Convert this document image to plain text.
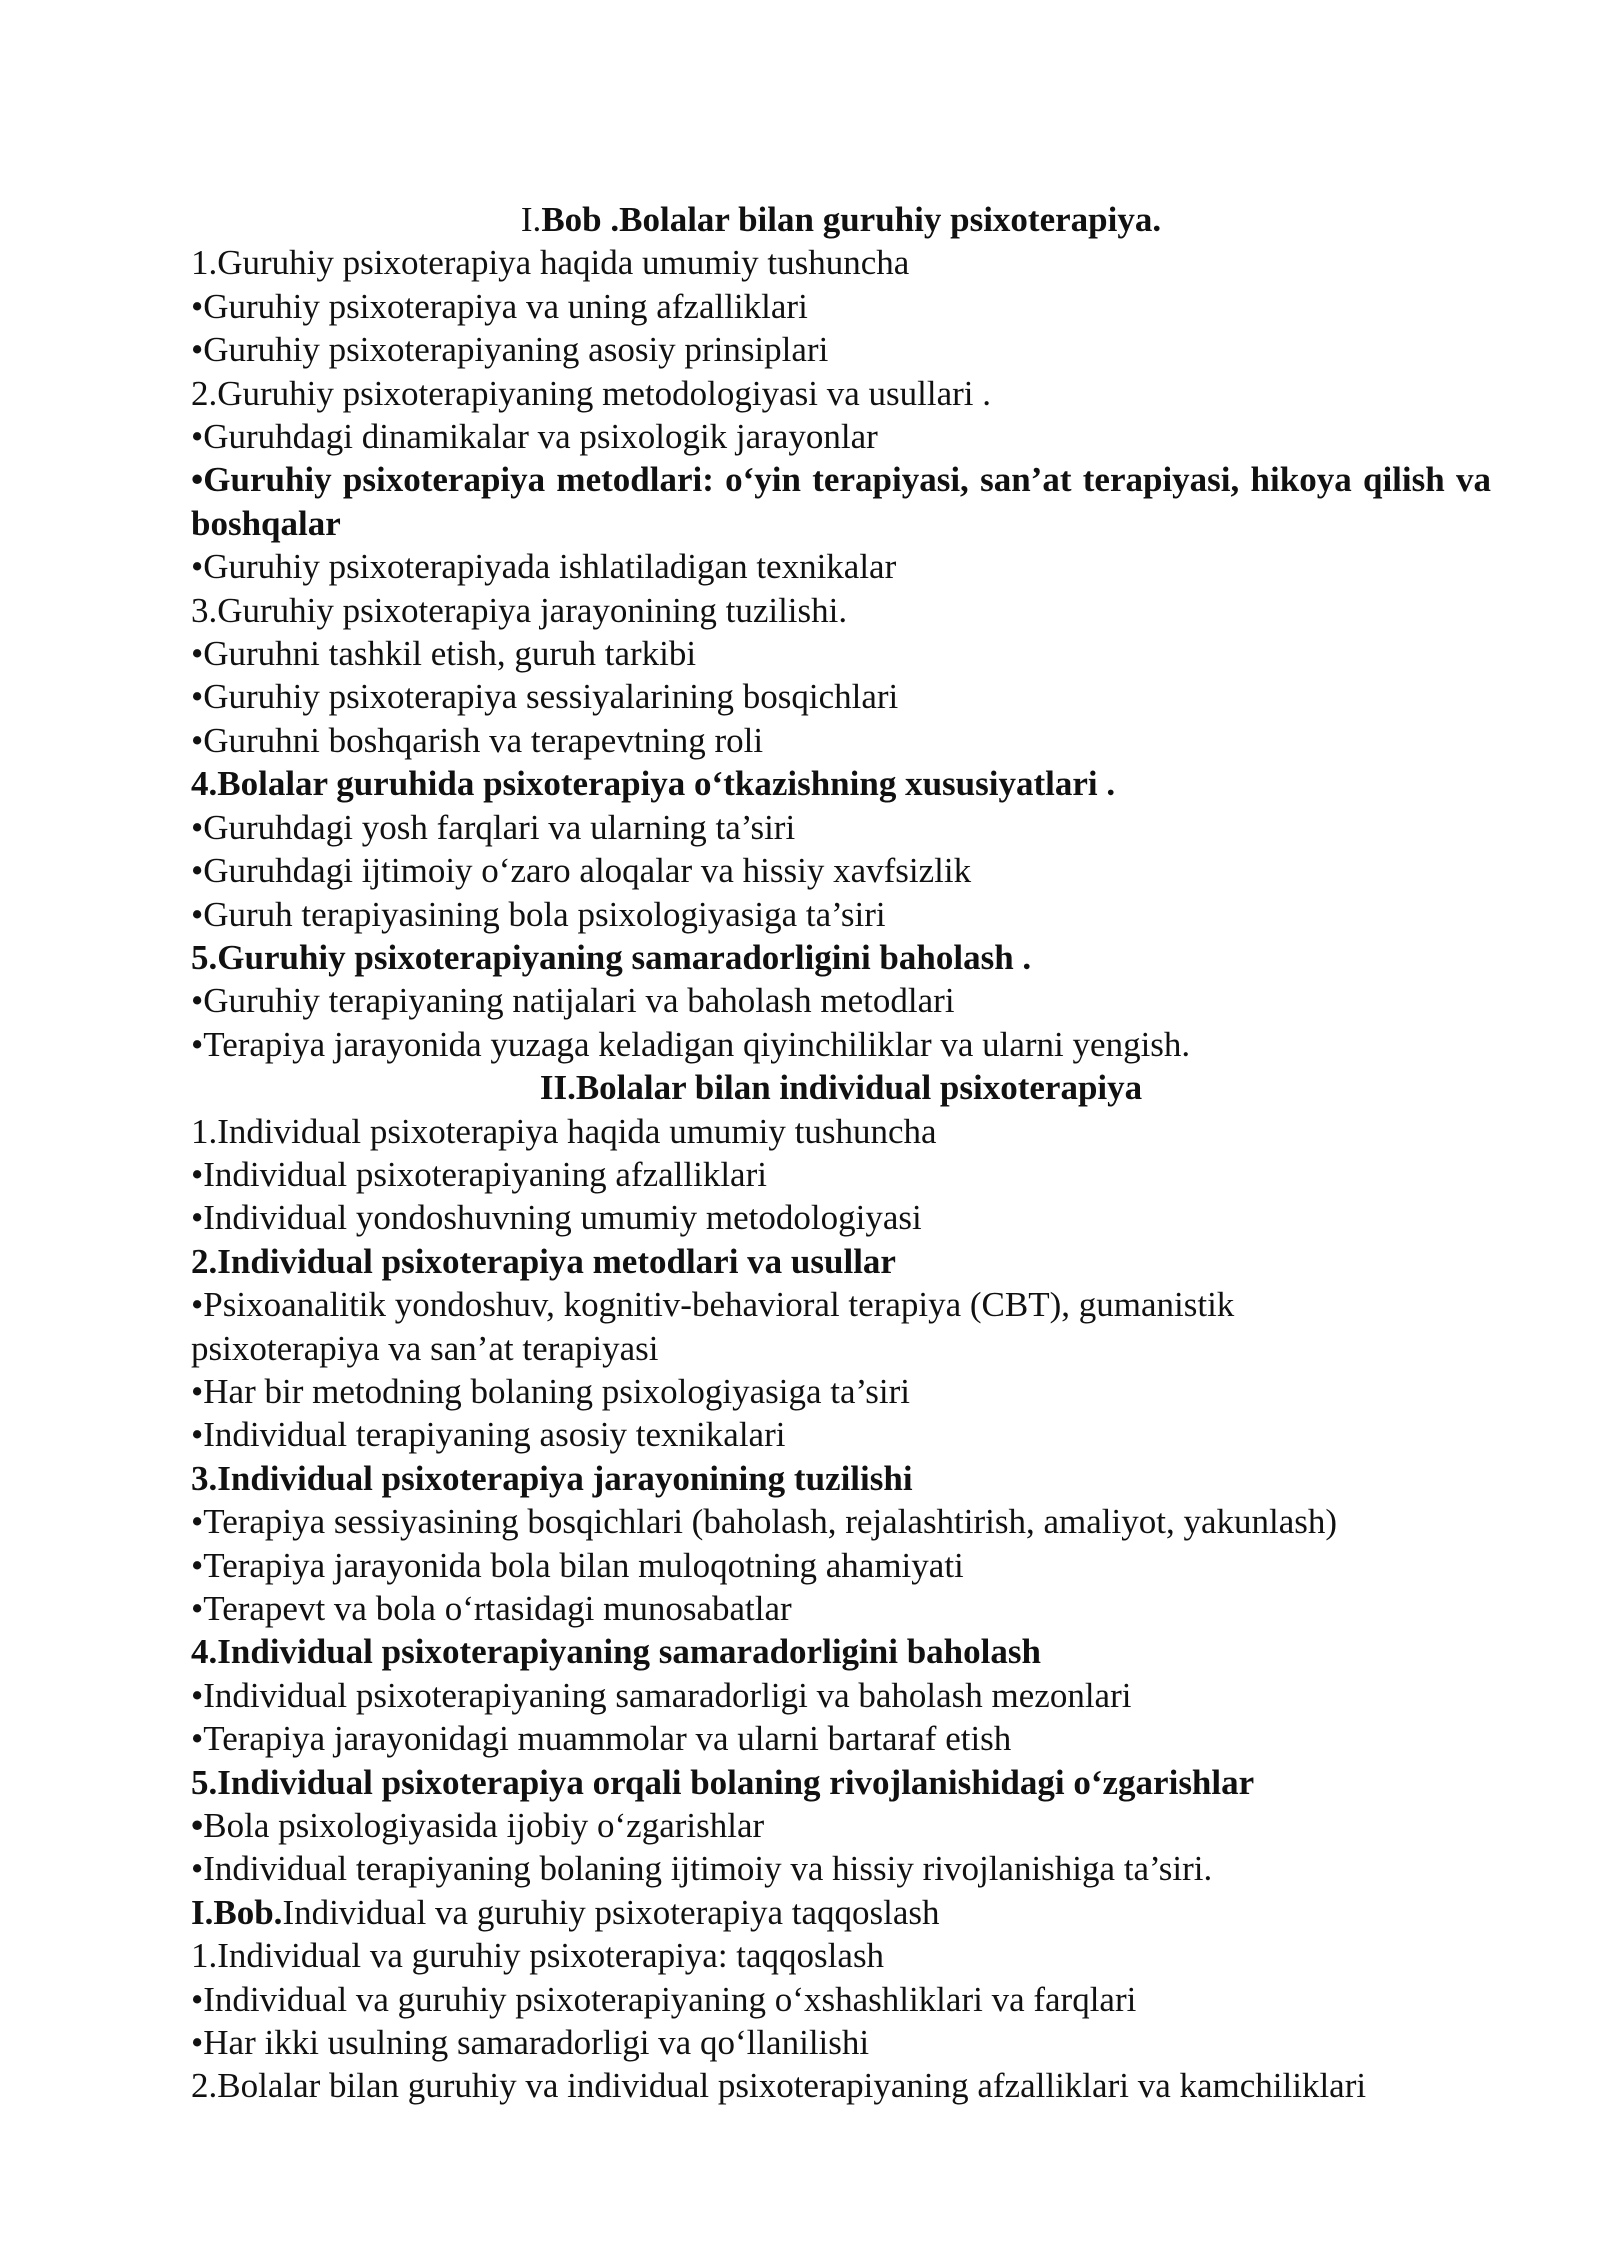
I.Bob .Bolalar bilan guruhiy psixoterapiya.

1.Guruhiy psixoterapiya haqida umumiy tushuncha

•Guruhiy psixoterapiya va uning afzalliklari

•Guruhiy psixoterapiyaning asosiy prinsiplari

2.Guruhiy psixoterapiyaning metodologiyasi va usullari .

•Guruhdagi dinamikalar va psixologik jarayonlar

•Guruhiy psixoterapiya metodlari: o‘yin terapiyasi, san’at terapiyasi, hikoya qilish va boshqalar

•Guruhiy psixoterapiyada ishlatiladigan texnikalar

3.Guruhiy psixoterapiya jarayonining tuzilishi.

•Guruhni tashkil etish, guruh tarkibi

•Guruhiy psixoterapiya sessiyalarining bosqichlari

•Guruhni boshqarish va terapevtning roli

4.Bolalar guruhida psixoterapiya o‘tkazishning xususiyatlari .

•Guruhdagi yosh farqlari va ularning ta’siri

•Guruhdagi ijtimoiy o‘zaro aloqalar va hissiy xavfsizlik

•Guruh terapiyasining bola psixologiyasiga ta’siri

5.Guruhiy psixoterapiyaning samaradorligini baholash .

•Guruhiy terapiyaning natijalari va baholash metodlari

•Terapiya jarayonida yuzaga keladigan qiyinchiliklar va ularni yengish.

II.Bolalar bilan individual psixoterapiya

1.Individual psixoterapiya haqida umumiy tushuncha

•Individual psixoterapiyaning afzalliklari

•Individual yondoshuvning umumiy metodologiyasi

2.Individual psixoterapiya metodlari va usullar

•Psixoanalitik yondoshuv, kognitiv-behavioral terapiya (CBT), gumanistik psixoterapiya va san’at terapiyasi

•Har bir metodning bolaning psixologiyasiga ta’siri

•Individual terapiyaning asosiy texnikalari

3.Individual psixoterapiya jarayonining tuzilishi

•Terapiya sessiyasining bosqichlari (baholash, rejalashtirish, amaliyot, yakunlash)

•Terapiya jarayonida bola bilan muloqotning ahamiyati

•Terapevt va bola o‘rtasidagi munosabatlar

4.Individual psixoterapiyaning samaradorligini baholash

•Individual psixoterapiyaning samaradorligi va baholash mezonlari

•Terapiya jarayonidagi muammolar va ularni bartaraf etish

5.Individual psixoterapiya orqali bolaning rivojlanishidagi o‘zgarishlar

•Bola psixologiyasida ijobiy o‘zgarishlar

•Individual terapiyaning bolaning ijtimoiy va hissiy rivojlanishiga ta’siri.

I.Bob.Individual va guruhiy psixoterapiya taqqoslash

1.Individual va guruhiy psixoterapiya: taqqoslash

•Individual va guruhiy psixoterapiyaning o‘xshashliklari va farqlari

•Har ikki usulning samaradorligi va qo‘llanilishi

2.Bolalar bilan guruhiy va individual psixoterapiyaning afzalliklari va kamchiliklari
